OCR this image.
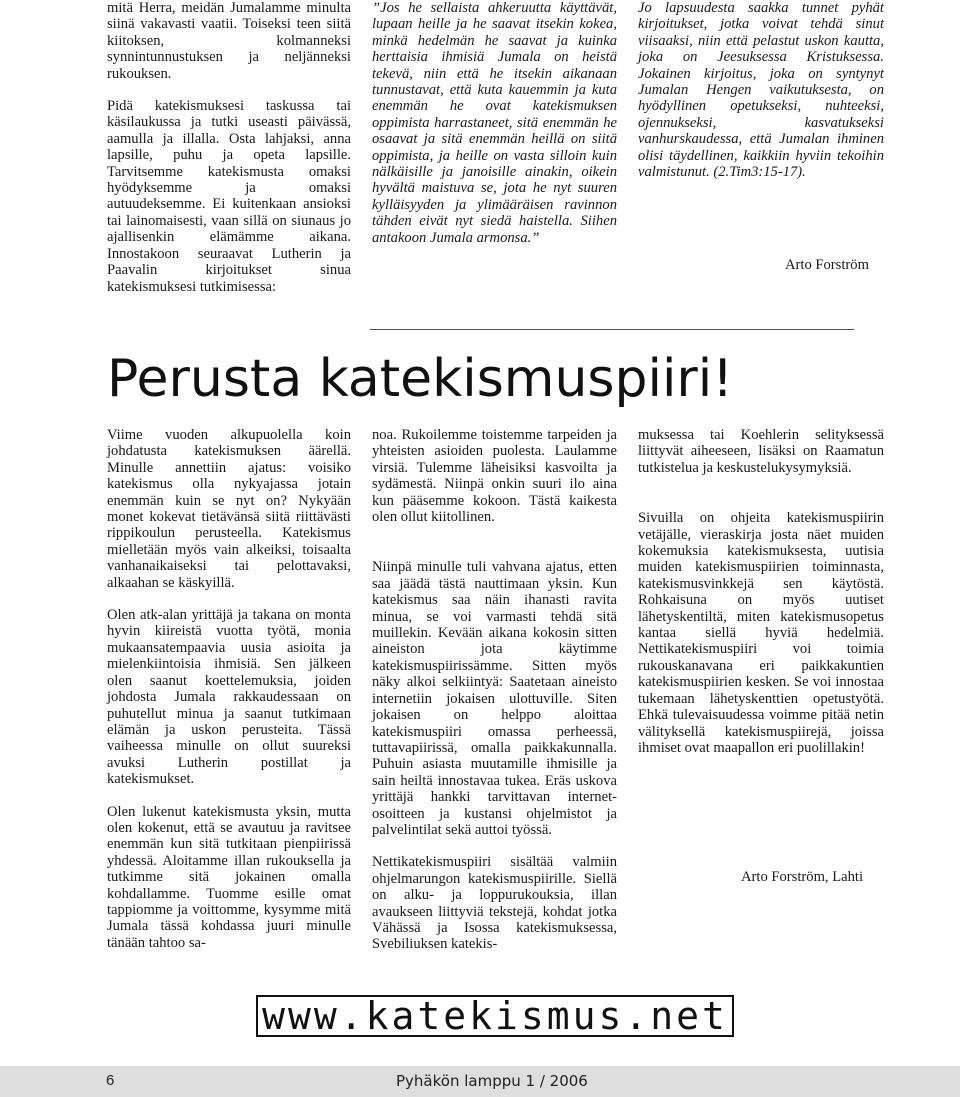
mitä Herra, meidän Jumalamme minulta siinä vakavasti vaatii. Toiseksi teen siitä kiitoksen, kolmanneksi synnintunnustuksen ja neljänneksi rukouksen.

Pidä katekismuksesi taskussa tai käsilaukussa ja tutki useasti päivässä, aamulla ja illalla. Osta lahjaksi, anna lapsille, puhu ja opeta lapsille. Tarvitsemme katekismusta omaksi hyödyksemme ja omaksi autuudeksemme. Ei kuitenkaan ansioksi tai lainomaisesti, vaan sillä on siunaus jo ajallisenkin elämämme aikana. Innostakoon seuraavat Lutherin ja Paavalin kirjoitukset sinua katekismuksesi tutkimisessa:

”Jos he sellaista ahkeruutta käyttävät, lupaan heille ja he saavat itsekin kokea, minkä hedelmän he saavat ja kuinka herttaisia ihmisiä Jumala on heistä tekevä, niin että he itsekin aikanaan tunnustavat, että kuta kauemmin ja kuta enemmän he ovat katekismuksen oppimista harrastaneet, sitä enemmän he osaavat ja sitä enemmän heillä on siitä oppimista, ja heille on vasta silloin kuin nälkäisille ja janoisille ainakin, oikein hyvältä maistuva se, jota he nyt suuren kylläisyyden ja ylimääräisen ravinnon tähden eivät nyt siedä haistella. Siihen antakoon Jumala armonsa.”

Jo lapsuudesta saakka tunnet pyhät kirjoitukset, jotka voivat tehdä sinut viisaaksi, niin että pelastut uskon kautta, joka on Jeesuksessa Kristuksessa. Jokainen kirjoitus, joka on syntynyt Jumalan Hengen vaikutuksesta, on hyödyllinen opetukseksi, nuhteeksi, ojennukseksi, kasvatukseksi vanhurskaudessa, että Jumalan ihminen olisi täydellinen, kaikkiin hyviin tekoihin valmistunut. (2.Tim3:15-17).

Arto Forström
Perusta katekismuspiiri!

Viime vuoden alkupuolella koin johdatusta katekismuksen äärellä. Minulle annettiin ajatus: voisiko katekismus olla nykyajassa jotain enemmän kuin se nyt on? Nykyään monet kokevat tietävänsä siitä riittävästi rippikoulun perusteella. Katekismus mielletään myös vain alkeiksi, toisaalta vanhanaikaiseksi tai pelottavaksi, alkaahan se käskyillä.

Olen atk-alan yrittäjä ja takana on monta hyvin kiireistä vuotta työtä, monia mukaansatempaavia uusia asioita ja mielenkiintoisia ihmisiä. Sen jälkeen olen saanut koettelemuksia, joiden johdosta Jumala rakkaudessaan on puhutellut minua ja saanut tutkimaan elämän ja uskon perusteita. Tässä vaiheessa minulle on ollut suureksi avuksi Lutherin postillat ja katekismukset.

Olen lukenut katekismusta yksin, mutta olen kokenut, että se avautuu ja ravitsee enemmän kun sitä tutkitaan pienpiirissä yhdessä. Aloitamme illan rukouksella ja tutkimme sitä jokainen omalla kohdallamme. Tuomme esille omat tappiomme ja voittomme, kysymme mitä Jumala tässä kohdassa juuri minulle tänään tahtoo sa-

noa. Rukoilemme toistemme tarpeiden ja yhteisten asioiden puolesta. Laulamme virsiä. Tulemme läheisiksi kasvoilta ja sydämestä. Niinpä onkin suuri ilo aina kun pääsemme kokoon. Tästä kaikesta olen ollut kiitollinen.

Niinpä minulle tuli vahvana ajatus, etten saa jäädä tästä nauttimaan yksin. Kun katekismus saa näin ihanasti ravita minua, se voi varmasti tehdä sitä muillekin. Kevään aikana kokosin sitten aineiston jota käytimme katekismuspiirissämme. Sitten myös näky alkoi selkiintyä: Saatetaan aineisto internetiin jokaisen ulottuville. Siten jokaisen on helppo aloittaa katekismuspiiri omassa perheessä, tuttavapiirissä, omalla paikkakunnalla. Puhuin asiasta muutamille ihmisille ja sain heiltä innostavaa tukea. Eräs uskova yrittäjä hankki tarvittavan internet-osoitteen ja kustansi ohjelmistot ja palvelintilat sekä auttoi työssä.

Nettikatekismuspiiri sisältää valmiin ohjelmarungon katekismuspiirille. Siellä on alku- ja loppurukouksia, illan avaukseen liittyviä tekstejä, kohdat jotka Vähässä ja Isossa katekismuksessa, Svebiliuksen katekis-

muksessa tai Koehlerin selityksessä liittyvät aiheeseen, lisäksi on Raamatun tutkistelua ja keskustelukysymyksiä.

Sivuilla on ohjeita katekismuspiirin vetäjälle, vieraskirja josta näet muiden kokemuksia katekismuksesta, uutisia muiden katekismuspiirien toiminnasta, katekismusvinkkejä sen käytöstä. Rohkaisuna on myös uutiset lähetyskentiltä, miten katekismusopetus kantaa siellä hyviä hedelmiä. Nettikatekismuspiiri voi toimia rukouskanavana eri paikkakuntien katekismuspiirien kesken. Se voi innostaa tukemaan lähetyskenttien opetustyötä. Ehkä tulevaisuudessa voimme pitää netin välityksellä katekismuspiirejä, joissa ihmiset ovat maapallon eri puolillakin!

Arto Forström, Lahti
www.katekismus.net
6	Pyhäkön lamppu 1 / 2006
